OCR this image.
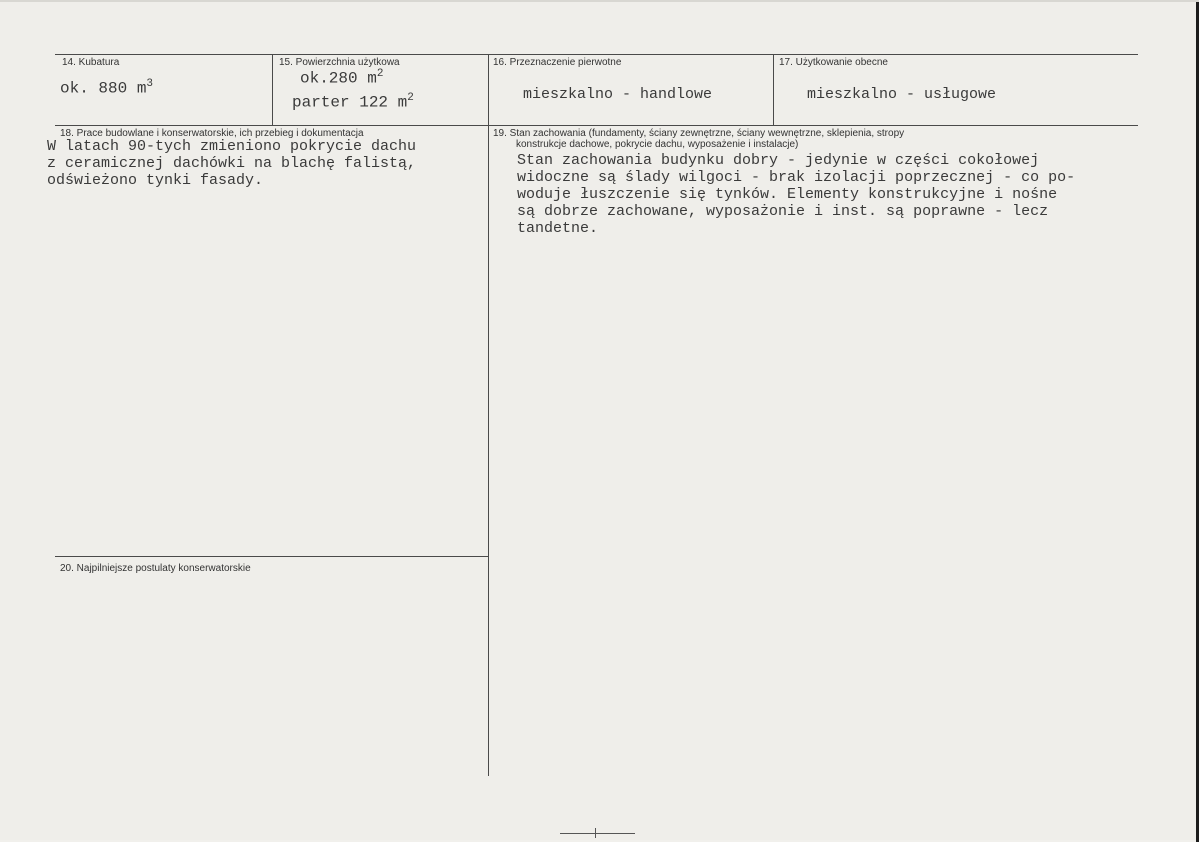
14. Kubatura
ok. 880 $m^3$
15. Powierzchnia użytkowa
ok.280 $m^2$
parter 122 $m^2$
16. Przeznaczenie pierwotne
mieszkalno - handlowe
17. Użytkowanie obecne
mieszkalno - usługowe
18. Prace budowlane i konserwatorskie, ich przebieg i dokumentacja
W latach 90-tych zmieniono pokrycie dachu
z ceramicznej dachówki na blachę falistą,
odświeżono tynki fasady.
19. Stan zachowania (fundamenty, ściany zewnętrzne, ściany wewnętrzne, sklepienia, stropy
konstrukcje dachowe, pokrycie dachu, wyposażenie i instalacje)
Stan zachowania budynku dobry - jedynie w części cokołowej
widoczne są ślady wilgoci - brak izolacji poprzecznej - co po-
woduje łuszczenie się tynków. Elementy konstrukcyjne i nośne
są dobrze zachowane, wyposażonie i inst. są poprawne - lecz
tandetne.
20. Najpilniejsze postulaty konserwatorskie
